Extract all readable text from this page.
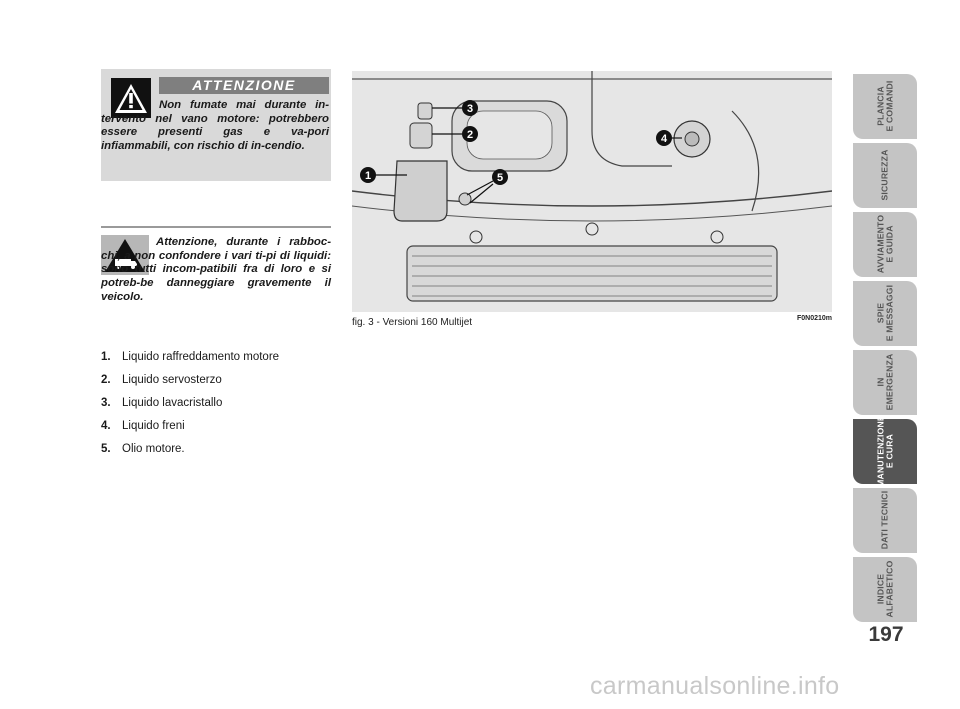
ATTENZIONE
Non fumate mai durante in-tervento nel vano motore: potrebbero essere presenti gas e va-pori infiammabili, con rischio di in-cendio.
Attenzione, durante i rabboc-chi, a non confondere i vari ti-pi di liquidi: sono tutti incom-patibili fra di loro e si potreb-be danneggiare gravemente il veicolo.
1
2
3
4
5
fig. 3 - Versioni 160 Multijet	F0N0210m
1. Liquido raffreddamento motore
2. Liquido servosterzo
3. Liquido lavacristallo
4. Liquido freni
5. Olio motore.
PLANCIA E COMANDI
SICUREZZA
AVVIAMENTO E GUIDA
SPIE E MESSAGGI
IN EMERGENZA
MANUTENZIONE E CURA
DATI TECNICI
INDICE ALFABETICO
197
carmanualsonline.info
